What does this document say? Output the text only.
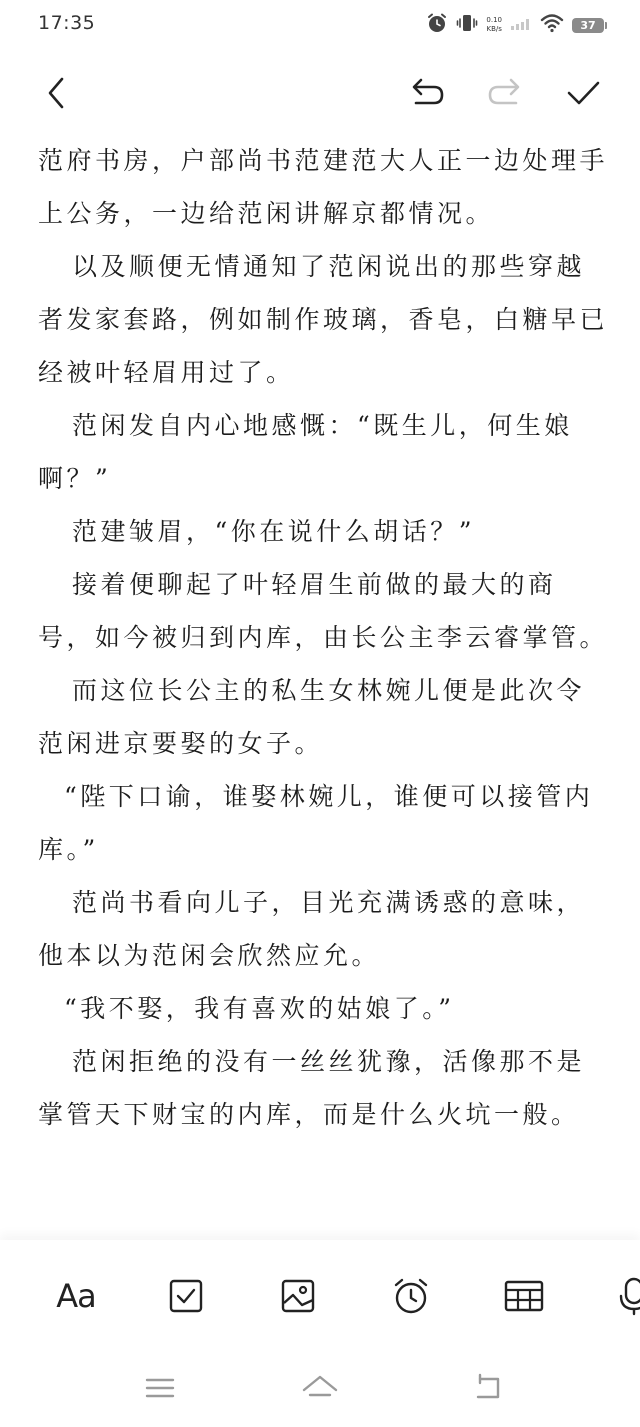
17:35	0.10
KB/s	37

范府书房，户部尚书范建范大人正一边处理手上公务，一边给范闲讲解京都情况。

以及顺便无情通知了范闲说出的那些穿越者发家套路，例如制作玻璃，香皂，白糖早已经被叶轻眉用过了。

范闲发自内心地感慨：“既生儿，何生娘啊？”

范建皱眉，“你在说什么胡话？”

接着便聊起了叶轻眉生前做的最大的商号，如今被归到内库，由长公主李云睿掌管。

而这位长公主的私生女林婉儿便是此次令范闲进京要娶的女子。

“陛下口谕，谁娶林婉儿，谁便可以接管内库。”

范尚书看向儿子，目光充满诱惑的意味，他本以为范闲会欣然应允。

“我不娶，我有喜欢的姑娘了。”

范闲拒绝的没有一丝丝犹豫，活像那不是掌管天下财宝的内库，而是什么火坑一般。

Aa
